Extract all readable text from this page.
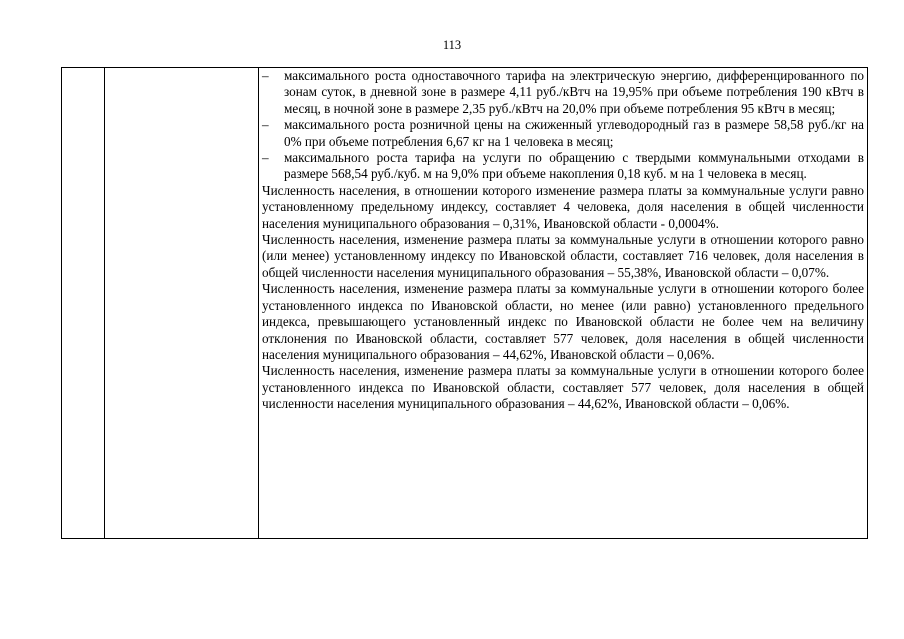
113

–	максимального роста одноставочного тарифа на электрическую энергию, дифференцированного по зонам суток, в дневной зоне в размере 4,11 руб./кВтч на 19,95% при объеме потребления 190 кВтч в месяц, в ночной зоне в размере 2,35 руб./кВтч на 20,0% при объеме потребления 95 кВтч в месяц;
–	максимального роста розничной цены на сжиженный углеводородный газ в размере 58,58 руб./кг на 0% при объеме потребления 6,67 кг на 1 человека в месяц;
–	максимального роста тарифа на услуги по обращению с твердыми коммунальными отходами в размере 568,54 руб./куб. м на 9,0% при объеме накопления 0,18 куб. м на 1 человека в месяц.

Численность населения, в отношении которого изменение размера платы за коммунальные услуги равно установленному предельному индексу, составляет 4 человека, доля населения в общей численности населения муниципального образования – 0,31%, Ивановской области - 0,0004%.

Численность населения, изменение размера платы за коммунальные услуги в отношении которого равно (или менее) установленному индексу по Ивановской области, составляет 716 человек, доля населения в общей численности населения муниципального образования – 55,38%, Ивановской области – 0,07%.

Численность населения, изменение размера платы за коммунальные услуги в отношении которого более установленного индекса по Ивановской области, но менее (или равно) установленного предельного индекса, превышающего установленный индекс по Ивановской области не более чем на величину отклонения по Ивановской области, составляет 577 человек, доля населения в общей численности населения муниципального образования – 44,62%, Ивановской области – 0,06%.

Численность населения, изменение размера платы за коммунальные услуги в отношении которого более установленного индекса по Ивановской области, составляет 577 человек, доля населения в общей численности населения муниципального образования – 44,62%, Ивановской области – 0,06%.
